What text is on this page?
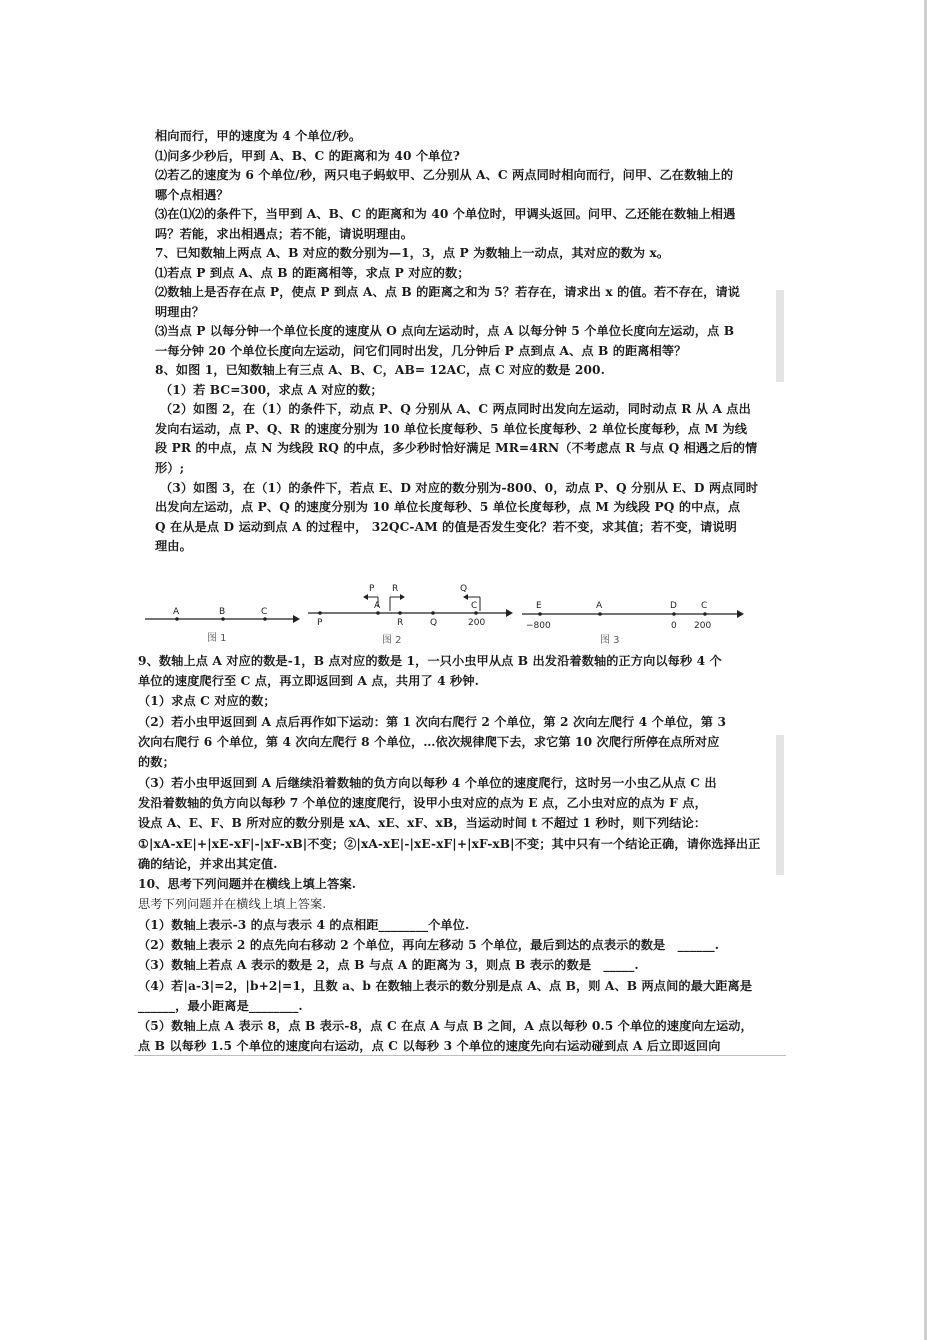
相向而行，甲的速度为 4 个单位/秒。
⑴问多少秒后，甲到 A、B、C 的距离和为 40 个单位?
⑵若乙的速度为 6 个单位/秒，两只电子蚂蚁甲、乙分别从 A、C 两点同时相向而行，问甲、乙在数轴上的
哪个点相遇？
⑶在⑴⑵的条件下，当甲到 A、B、C 的距离和为 40 个单位时，甲调头返回。问甲、乙还能在数轴上相遇
吗？若能，求出相遇点；若不能，请说明理由。
7、已知数轴上两点 A、B 对应的数分别为—1，3，点 P 为数轴上一动点，其对应的数为 x。
⑴若点 P 到点 A、点 B 的距离相等，求点 P 对应的数；
⑵数轴上是否存在点 P，使点 P 到点 A、点 B 的距离之和为 5？若存在，请求出 x 的值。若不存在，请说
明理由？
⑶当点 P 以每分钟一个单位长度的速度从 O 点向左运动时，点 A 以每分钟 5 个单位长度向左运动，点 B
一每分钟 20 个单位长度向左运动，问它们同时出发，几分钟后 P 点到点 A、点 B 的距离相等？
8、如图 1，已知数轴上有三点 A、B、C，AB= 12AC，点 C 对应的数是 200.
（1）若 BC=300，求点 A 对应的数；
（2）如图 2，在（1）的条件下，动点 P、Q 分别从 A、C 两点同时出发向左运动，同时动点 R 从 A 点出
发向右运动，点 P、Q、R 的速度分别为 10 单位长度每秒、5 单位长度每秒、2 单位长度每秒，点 M 为线
段 PR 的中点，点 N 为线段 RQ 的中点，多少秒时恰好满足 MR=4RN（不考虑点 R 与点 Q 相遇之后的情
形）;
（3）如图 3，在（1）的条件下，若点 E、D 对应的数分别为-800、0，动点 P、Q 分别从 E、D 两点同时
出发向左运动，点 P、Q 的速度分别为 10 单位长度每秒、5 单位长度每秒，点 M 为线段 PQ 的中点，点
Q 在从是点 D 运动到点 A 的过程中， 32QC-AM 的值是否发生变化？若不变，求其值；若不变，请说明
理由。
A	B	C
图 1
P	R	Q	200
A	C
P R	Q
图 2
E	A	D	C
−800	0 200
图 3
9、数轴上点 A 对应的数是-1，B 点对应的数是 1，一只小虫甲从点 B 出发沿着数轴的正方向以每秒 4 个
单位的速度爬行至 C 点，再立即返回到 A 点，共用了 4 秒钟.
（1）求点 C 对应的数；
（2）若小虫甲返回到 A 点后再作如下运动：第 1 次向右爬行 2 个单位，第 2 次向左爬行 4 个单位，第 3
次向右爬行 6 个单位，第 4 次向左爬行 8 个单位，…依次规律爬下去，求它第 10 次爬行所停在点所对应
的数；
（3）若小虫甲返回到 A 后继续沿着数轴的负方向以每秒 4 个单位的速度爬行，这时另一小虫乙从点 C 出
发沿着数轴的负方向以每秒 7 个单位的速度爬行，设甲小虫对应的点为 E 点，乙小虫对应的点为 F 点，
设点 A、E、F、B 所对应的数分别是 xA、xE、xF、xB，当运动时间 t 不超过 1 秒时，则下列结论：
①|xA-xE|+|xE-xF|-|xF-xB|不变；②|xA-xE|-|xE-xF|+|xF-xB|不变；其中只有一个结论正确，请你选择出正
确的结论，并求出其定值.
10、思考下列问题并在横线上填上答案.
思考下列问题并在横线上填上答案.
（1）数轴上表示-3 的点与表示 4 的点相距________个单位.
（2）数轴上表示 2 的点先向右移动 2 个单位，再向左移动 5 个单位，最后到达的点表示的数是　______.
（3）数轴上若点 A 表示的数是 2，点 B 与点 A 的距离为 3，则点 B 表示的数是　_____.
（4）若|a-3|=2，|b+2|=1，且数 a、b 在数轴上表示的数分别是点 A、点 B，则 A、B 两点间的最大距离是
______，最小距离是________.
（5）数轴上点 A 表示 8，点 B 表示-8，点 C 在点 A 与点 B 之间，A 点以每秒 0.5 个单位的速度向左运动，
点 B 以每秒 1.5 个单位的速度向右运动，点 C 以每秒 3 个单位的速度先向右运动碰到点 A 后立即返回向
